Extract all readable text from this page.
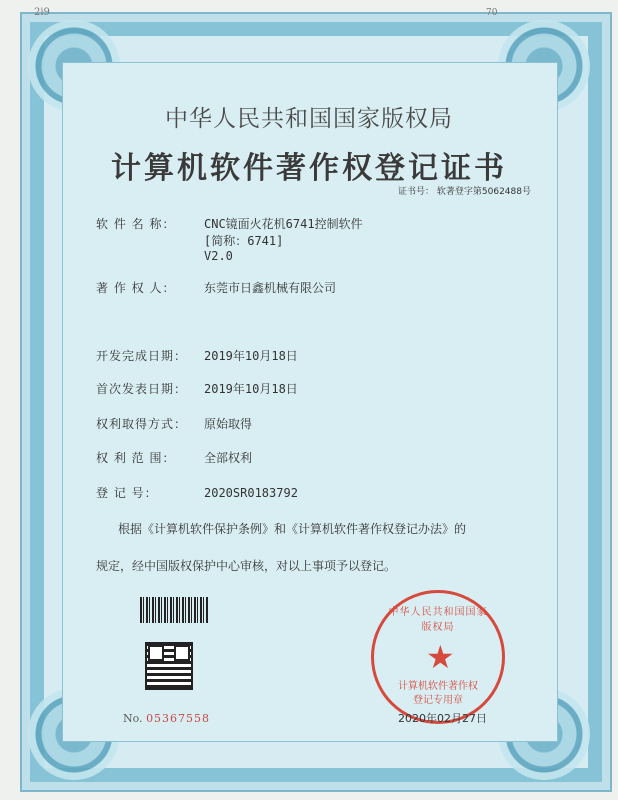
2ⅰ9	70
中华人民共和国国家版权局
计算机软件著作权登记证书
证书号： 软著登字第5062488号
软 件 名 称： CNC镜面火花机6741控制软件
[简称：6741]
V2.0
著 作 权 人： 东莞市日鑫机械有限公司
开发完成日期： 2019年10月18日
首次发表日期： 2019年10月18日
权利取得方式： 原始取得
权 利 范 围： 全部权利
登 记 号：	2020SR0183792
根据《计算机软件保护条例》和《计算机软件著作权登记办法》的
规定，经中国版权保护中心审核，对以上事项予以登记。
No. 05367558
中华人民共和国国家版权局
★
计算机软件著作权
登记专用章
2020年02月27日
